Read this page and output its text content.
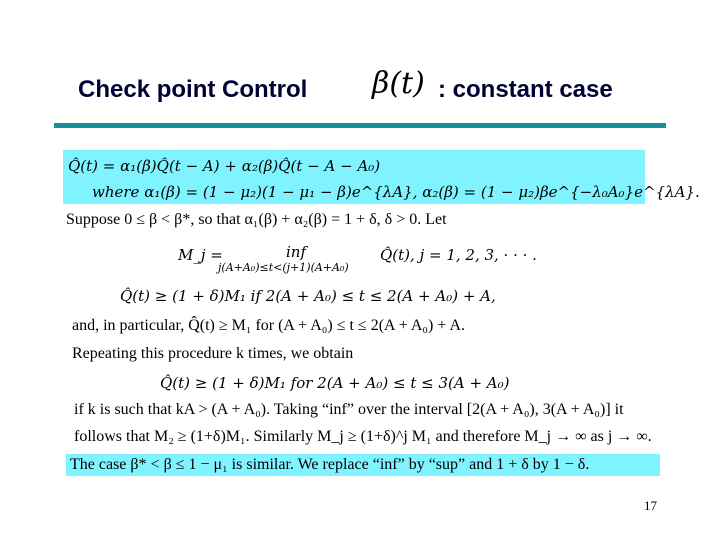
Check point Control β(t) : constant case
Q̂(t) = α₁(β)Q̂(t − A) + α₂(β)Q̂(t − A − A₀)
where α₁(β) = (1 − μ₂)(1 − μ₁ − β)e^{λA}, α₂(β) = (1 − μ₂)βe^{−λ₀A₀}e^{λA}.
Suppose 0 ≤ β < β*, so that α₁(β) + α₂(β) = 1 + δ, δ > 0. Let
M_j =	inf
j(A+A₀)≤t<(j+1)(A+A₀)
Q̂(t), j = 1, 2, 3, · · · .
Q̂(t) ≥ (1 + δ)M₁ if 2(A + A₀) ≤ t ≤ 2(A + A₀) + A,
and, in particular, Q̂(t) ≥ M₁ for (A + A₀) ≤ t ≤ 2(A + A₀) + A.
Repeating this procedure k times, we obtain
Q̂(t) ≥ (1 + δ)M₁ for 2(A + A₀) ≤ t ≤ 3(A + A₀)
if k is such that kA > (A + A₀). Taking “inf” over the interval [2(A + A₀), 3(A + A₀)] it
follows that M₂ ≥ (1+δ)M₁. Similarly M_j ≥ (1+δ)^j M₁ and therefore M_j → ∞ as j → ∞.
The case β* < β ≤ 1 − μ₁ is similar. We replace “inf” by “sup” and 1 + δ by 1 − δ.
17
